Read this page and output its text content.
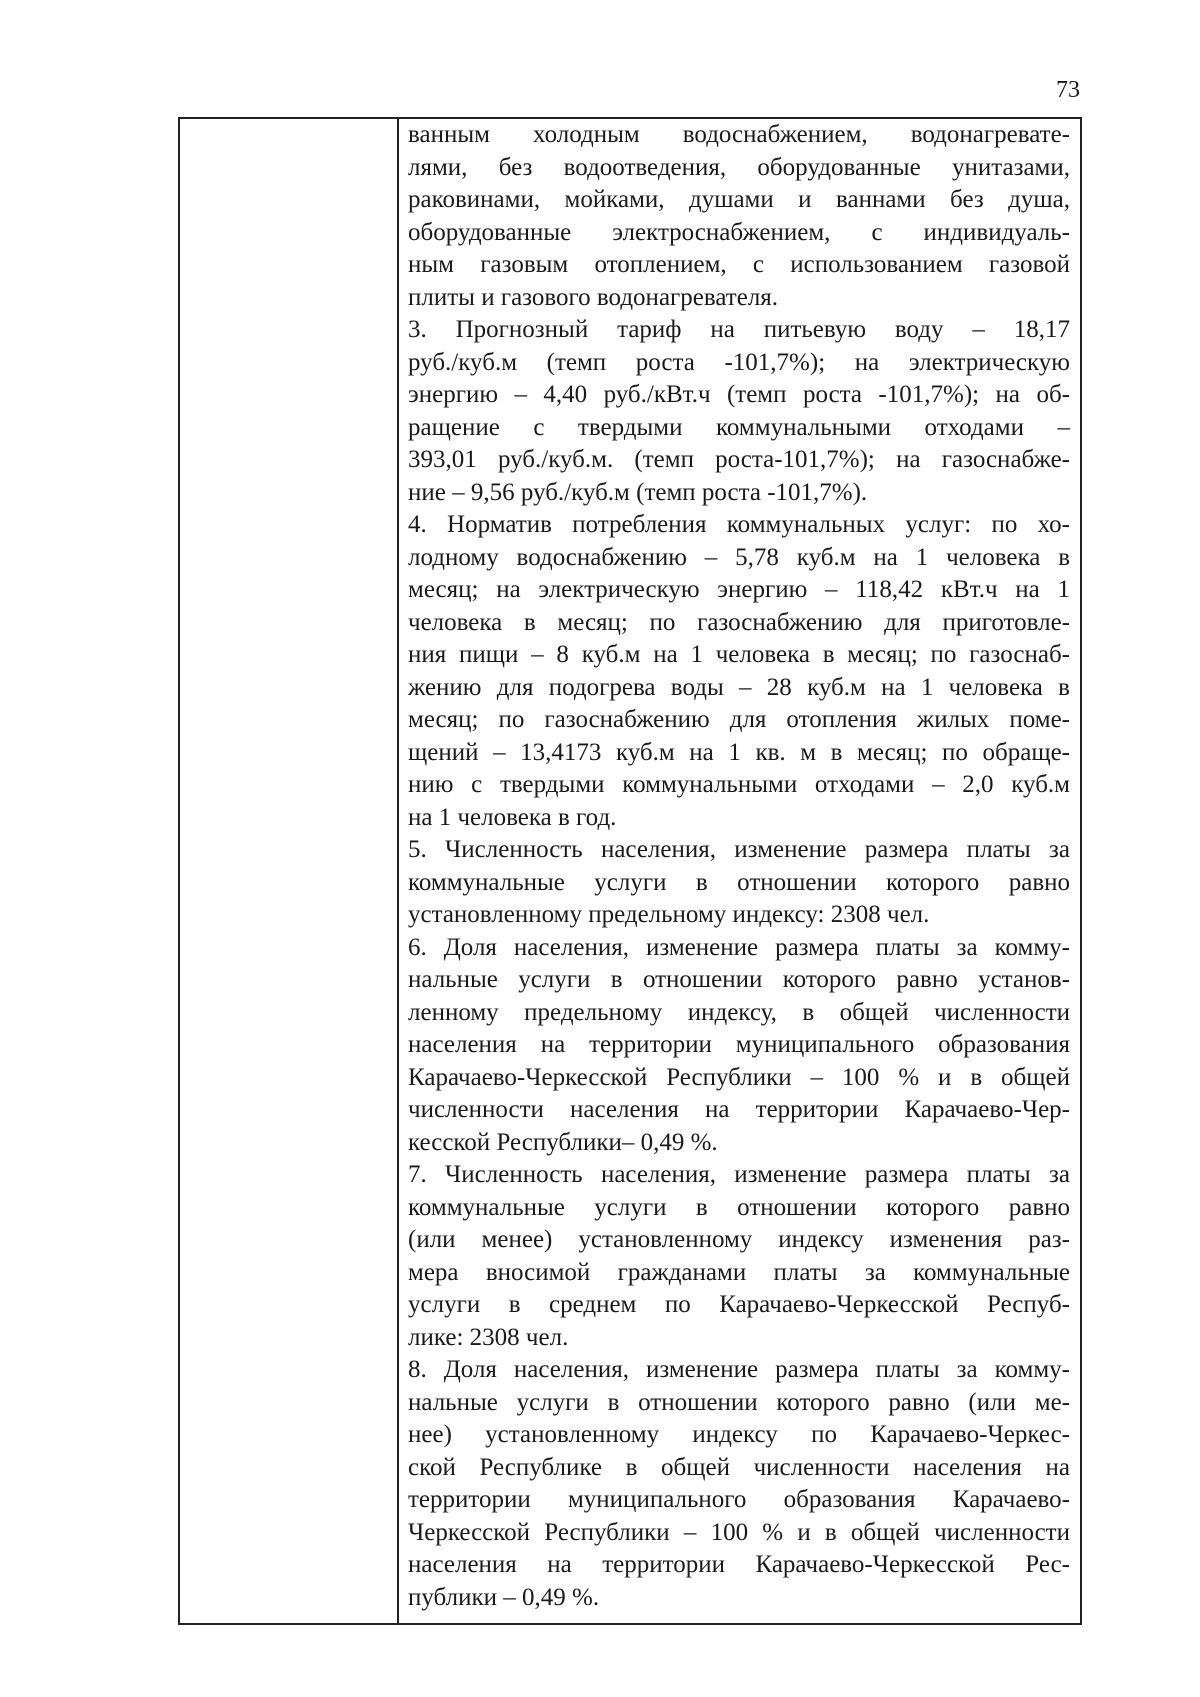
73
ванным холодным водоснабжением, водонагревате-
лями, без водоотведения, оборудованные унитазами,
раковинами, мойками, душами и ваннами без душа,
оборудованные электроснабжением, с индивидуаль-
ным газовым отоплением, с использованием газовой
плиты и газового водонагревателя.
3. Прогнозный тариф на питьевую воду – 18,17
руб./куб.м (темп роста -101,7%); на электрическую
энергию – 4,40 руб./кВт.ч (темп роста -101,7%); на об-
ращение с твердыми коммунальными отходами –
393,01 руб./куб.м. (темп роста-101,7%); на газоснабже-
ние – 9,56 руб./куб.м (темп роста -101,7%).
4. Норматив потребления коммунальных услуг: по хо-
лодному водоснабжению – 5,78 куб.м на 1 человека в
месяц; на электрическую энергию – 118,42 кВт.ч на 1
человека в месяц; по газоснабжению для приготовле-
ния пищи – 8 куб.м на 1 человека в месяц; по газоснаб-
жению для подогрева воды – 28 куб.м на 1 человека в
месяц; по газоснабжению для отопления жилых поме-
щений – 13,4173 куб.м на 1 кв. м в месяц; по обраще-
нию с твердыми коммунальными отходами – 2,0 куб.м
на 1 человека в год.
5. Численность населения, изменение размера платы за
коммунальные услуги в отношении которого равно
установленному предельному индексу: 2308 чел.
6. Доля населения, изменение размера платы за комму-
нальные услуги в отношении которого равно установ-
ленному предельному индексу, в общей численности
населения на территории муниципального образования
Карачаево-Черкесской Республики – 100 % и в общей
численности населения на территории Карачаево-Чер-
кесской Республики– 0,49 %.
7. Численность населения, изменение размера платы за
коммунальные услуги в отношении которого равно
(или менее) установленному индексу изменения раз-
мера вносимой гражданами платы за коммунальные
услуги в среднем по Карачаево-Черкесской Респуб-
лике: 2308 чел.
8. Доля населения, изменение размера платы за комму-
нальные услуги в отношении которого равно (или ме-
нее) установленному индексу по Карачаево-Черкес-
ской Республике в общей численности населения на
территории муниципального образования Карачаево-
Черкесской Республики – 100 % и в общей численности
населения на территории Карачаево-Черкесской Рес-
публики – 0,49 %.
